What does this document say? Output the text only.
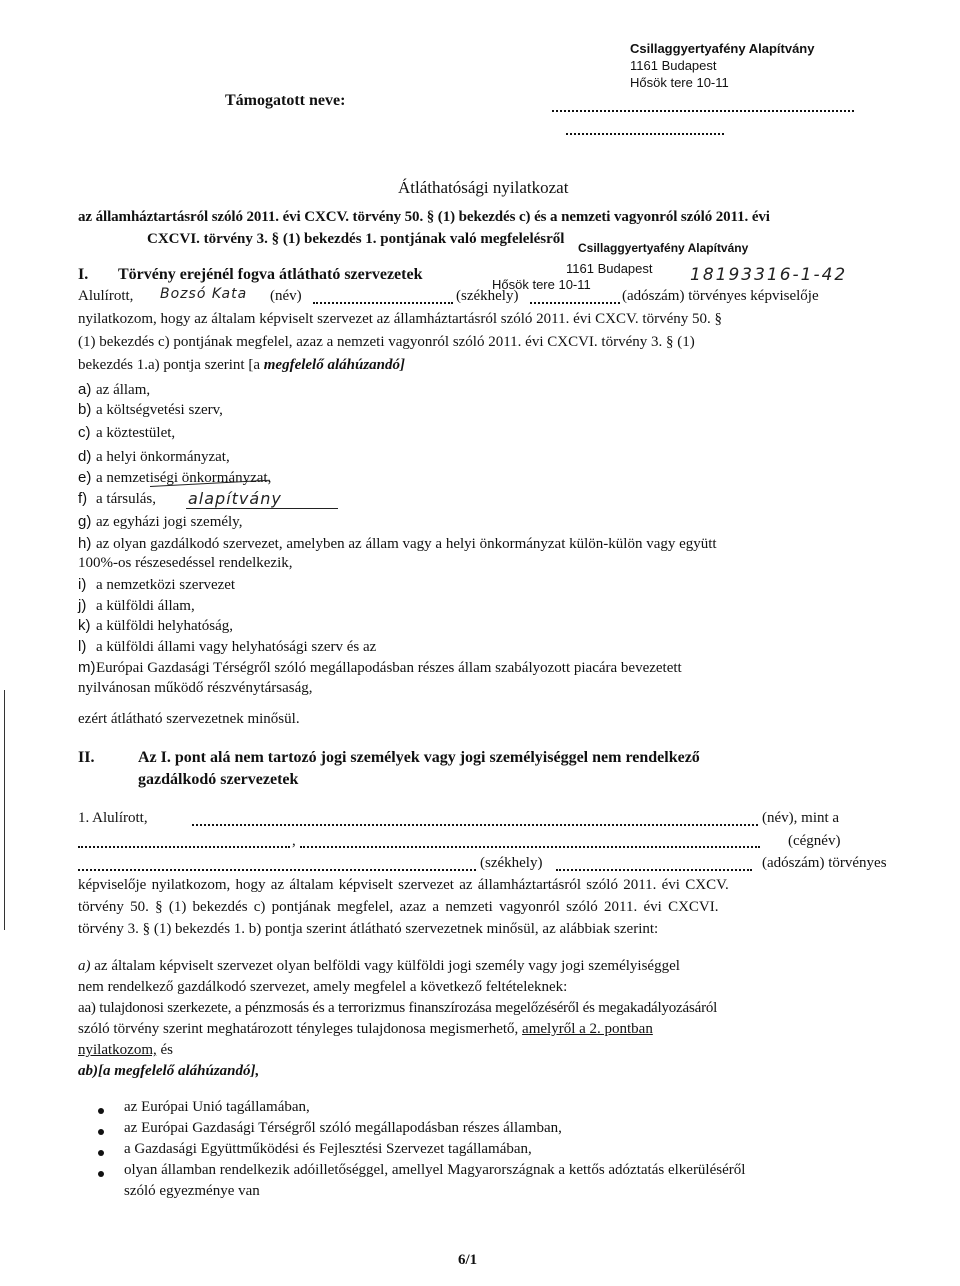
Csillaggyertyafény Alapítvány
1161 Budapest
Hősök tere 10-11
Támogatott neve:
Átláthatósági nyilatkozat
az államháztartásról szóló 2011. évi CXCV. törvény 50. § (1) bekezdés c) és a nemzeti vagyonról szóló 2011. évi
CXCVI. törvény 3. § (1) bekezdés 1. pontjának való megfelelésről
Csillaggyertyafény Alapítvány
1161 Budapest
Hősök tere 10-11
I. Törvény erejénél fogva átlátható szervezetek	18193316-1-42
Alulírott, Bozsó Kata (név)	(székhely)	(adószám) törvényes képviselője
nyilatkozom, hogy az általam képviselt szervezet az államháztartásról szóló 2011. évi CXCV. törvény 50. §
(1) bekezdés c) pontjának megfelel, azaz a nemzeti vagyonról szóló 2011. évi CXCVI. törvény 3. § (1)
bekezdés 1.a) pontja szerint [a megfelelő aláhúzandó]
a) az állam,
b) a költségvetési szerv,
c) a köztestület,
d) a helyi önkormányzat,
e) a nemzetiségi önkormányzat,
f) a társulás,
g) az egyházi jogi személy,
h) az olyan gazdálkodó szervezet, amelyben az állam vagy a helyi önkormányzat külön-külön vagy együtt
100%-os részesedéssel rendelkezik,
i) a nemzetközi szervezet
j) a külföldi állam,
k) a külföldi helyhatóság,
l) a külföldi állami vagy helyhatósági szerv és az
m)Európai Gazdasági Térségről szóló megállapodásban részes állam szabályozott piacára bevezetett
nyilvánosan működő részvénytársaság,
alapítvány
ezért átlátható szervezetnek minősül.
II.	Az I. pont alá nem tartozó jogi személyek vagy jogi személyiséggel nem rendelkező
gazdálkodó szervezetek
1. Alulírott,	(név), mint a
,	(cégnév)
(székhely)	(adószám) törvényes
képviselője nyilatkozom, hogy az általam képviselt szervezet az államháztartásról szóló 2011. évi CXCV.
törvény 50. § (1) bekezdés c) pontjának megfelel, azaz a nemzeti vagyonról szóló 2011. évi CXCVI.
törvény 3. § (1) bekezdés 1. b) pontja szerint átlátható szervezetnek minősül, az alábbiak szerint:
a) az általam képviselt szervezet olyan belföldi vagy külföldi jogi személy vagy jogi személyiséggel
nem rendelkező gazdálkodó szervezet, amely megfelel a következő feltételeknek:
aa) tulajdonosi szerkezete, a pénzmosás és a terrorizmus finanszírozása megelőzéséről és megakadályozásáról
szóló törvény szerint meghatározott tényleges tulajdonosa megismerhető, amelyről a 2. pontban
nyilatkozom, és
ab)[a megfelelő aláhúzandó],
az Európai Unió tagállamában,
az Európai Gazdasági Térségről szóló megállapodásban részes államban,
a Gazdasági Együttműködési és Fejlesztési Szervezet tagállamában,
olyan államban rendelkezik adóilletőséggel, amellyel Magyarországnak a kettős adóztatás elkerüléséről
szóló egyezménye van
6/1
